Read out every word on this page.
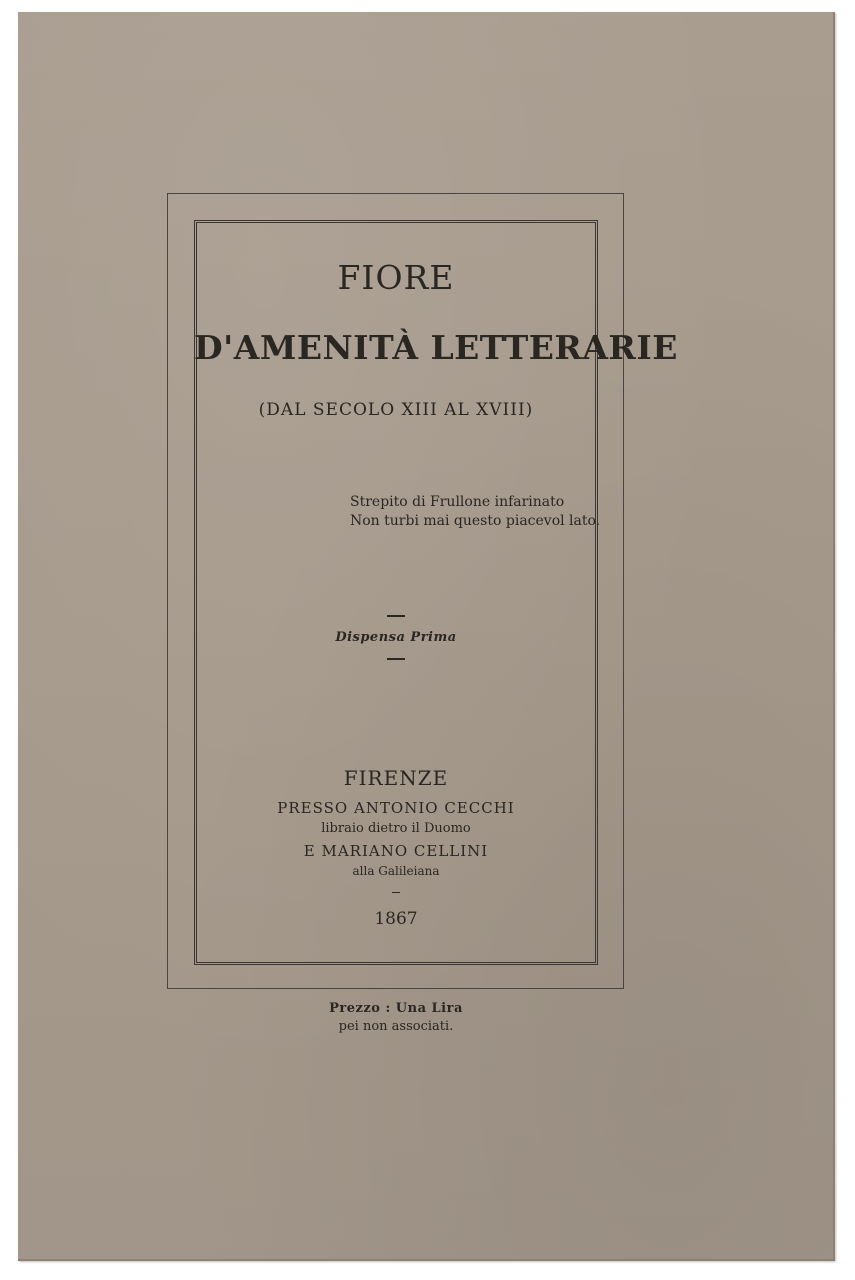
FIORE
D'AMENITÀ LETTERARIE
(DAL SECOLO XIII AL XVIII)
Strepito di Frullone infarinato
Non turbi mai questo piacevol lato.
Dispensa Prima
FIRENZE
PRESSO ANTONIO CECCHI
libraio dietro il Duomo
E MARIANO CELLINI
alla Galileiana
1867
Prezzo : Una Lira
pei non associati.
